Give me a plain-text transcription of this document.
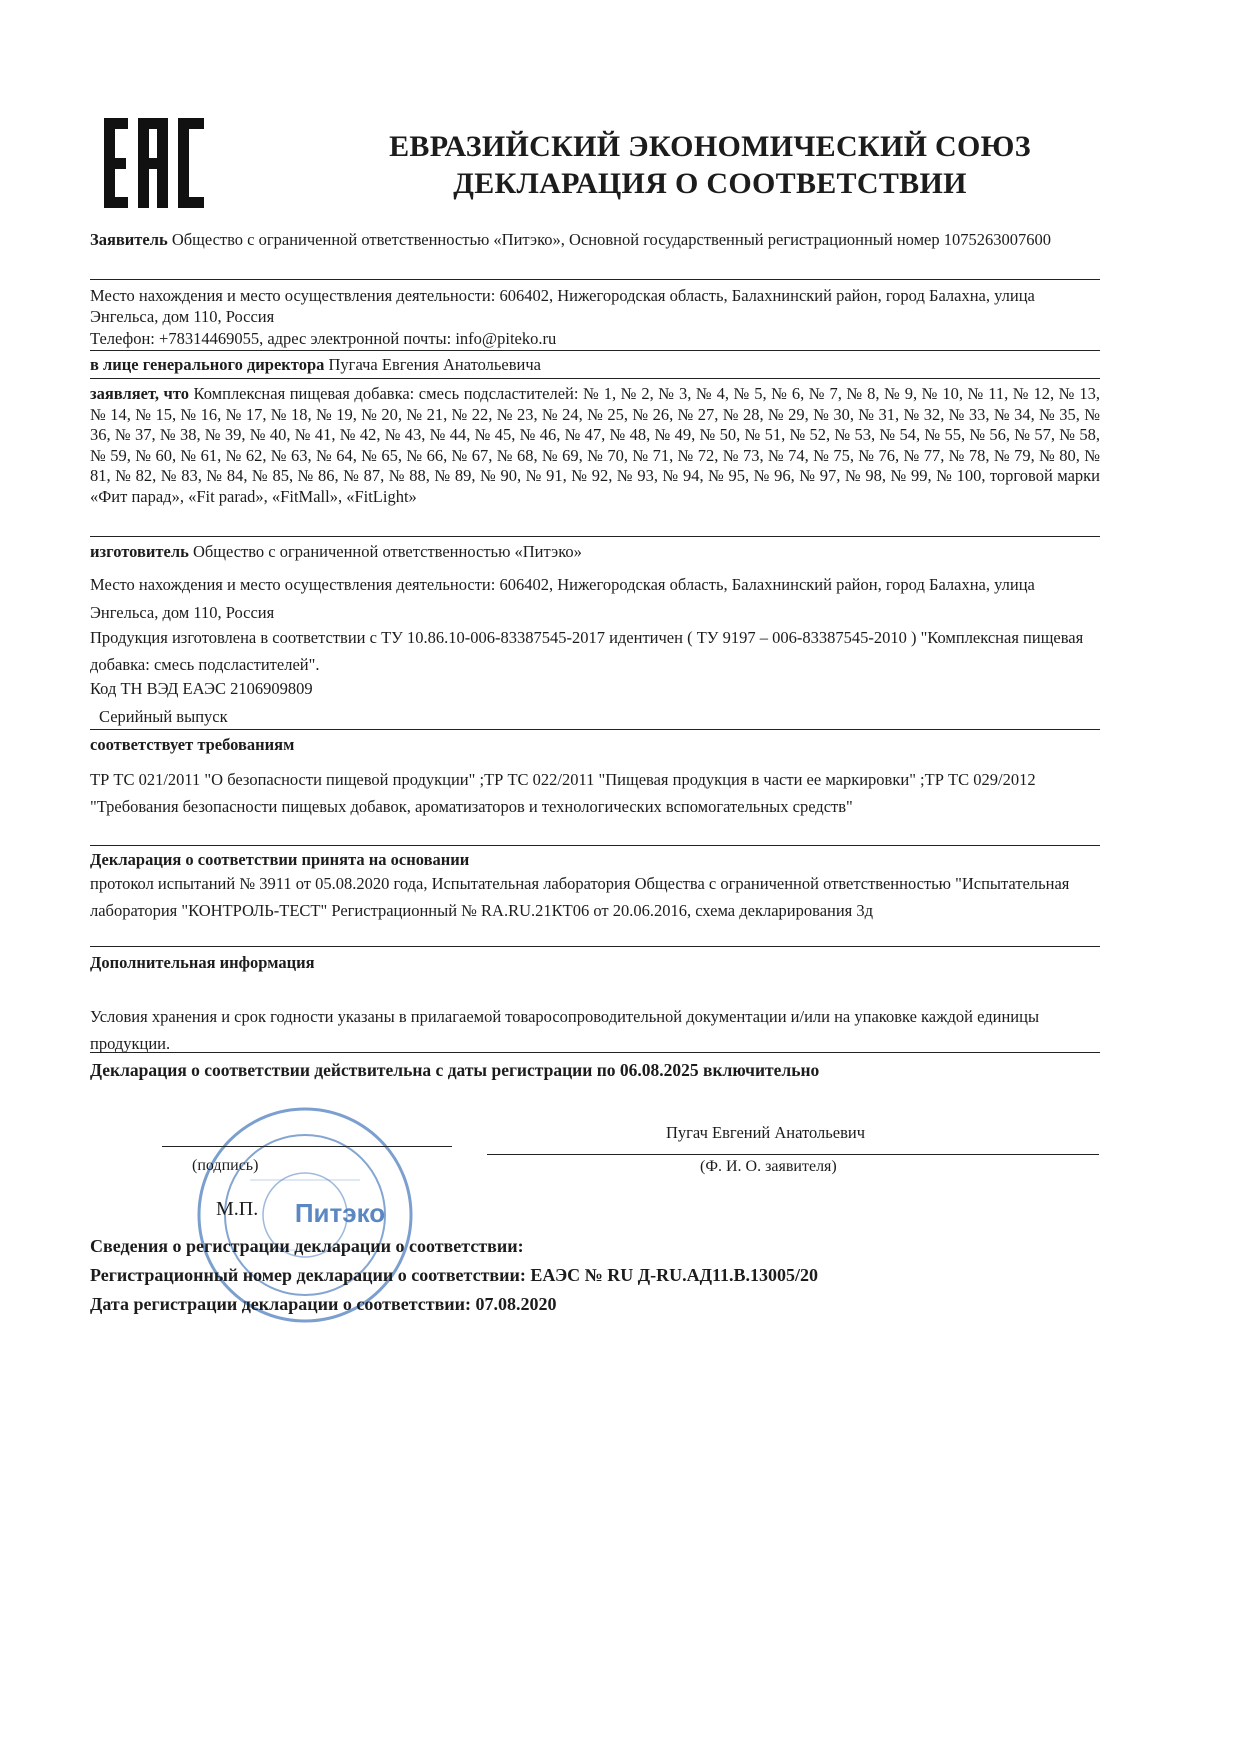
ЕВРАЗИЙСКИЙ ЭКОНОМИЧЕСКИЙ СОЮЗ
ДЕКЛАРАЦИЯ О СООТВЕТСТВИИ
Заявитель Общество с ограниченной ответственностью «Питэко», Основной государственный регистрационный номер 1075263007600
Место нахождения и место осуществления деятельности: 606402, Нижегородская область, Балахнинский район, город Балахна, улица Энгельса, дом 110, Россия
Телефон: +78314469055, адрес электронной почты: info@piteko.ru
в лице генерального директора Пугача Евгения Анатольевича
заявляет, что Комплексная пищевая добавка: смесь подсластителей: № 1, № 2, № 3, № 4, № 5, № 6, № 7, № 8, № 9, № 10, № 11, № 12, № 13, № 14, № 15, № 16, № 17, № 18, № 19, № 20, № 21, № 22, № 23, № 24, № 25, № 26, № 27, № 28, № 29, № 30, № 31, № 32, № 33, № 34, № 35, № 36, № 37, № 38, № 39, № 40, № 41, № 42, № 43, № 44, № 45, № 46, № 47, № 48, № 49, № 50, № 51, № 52, № 53, № 54, № 55, № 56, № 57, № 58, № 59, № 60, № 61, № 62, № 63, № 64, № 65, № 66, № 67, № 68, № 69, № 70, № 71, № 72, № 73, № 74, № 75, № 76, № 77, № 78, № 79, № 80, № 81, № 82, № 83, № 84, № 85, № 86, № 87, № 88, № 89, № 90, № 91, № 92, № 93, № 94, № 95, № 96, № 97, № 98, № 99, № 100, торговой марки «Фит парад», «Fit parad», «FitMall», «FitLight»
изготовитель Общество с ограниченной ответственностью «Питэко»
Место нахождения и место осуществления деятельности: 606402, Нижегородская область, Балахнинский район, город Балахна, улица Энгельса, дом 110, Россия
Продукция изготовлена в соответствии с ТУ 10.86.10-006-83387545-2017 идентичен ( ТУ 9197 – 006-83387545-2010 ) "Комплексная пищевая добавка: смесь подсластителей".
Код ТН ВЭД ЕАЭС 2106909809
Серийный выпуск
соответствует требованиям
ТР ТС 021/2011 "О безопасности пищевой продукции" ;ТР ТС 022/2011 "Пищевая продукция в части ее маркировки" ;ТР ТС 029/2012 "Требования безопасности пищевых добавок, ароматизаторов и технологических вспомогательных средств"
Декларация о соответствии принята на основании
протокол испытаний № 3911 от 05.08.2020 года, Испытательная лаборатория Общества с ограниченной ответственностью "Испытательная лаборатория "КОНТРОЛЬ-ТЕСТ" Регистрационный № RA.RU.21КТ06 от 20.06.2016, схема декларирования 3д
Дополнительная информация
Условия хранения и срок годности указаны в прилагаемой товаросопроводительной документации и/или на упаковке каждой единицы продукции.
Декларация о соответствии действительна с даты регистрации по 06.08.2025 включительно
Питэко
(подпись)
М.П.
Пугач Евгений Анатольевич
(Ф. И. О. заявителя)
Сведения о регистрации декларации о соответствии:
Регистрационный номер декларации о соответствии: ЕАЭС № RU Д-RU.АД11.В.13005/20
Дата регистрации декларации о соответствии: 07.08.2020
